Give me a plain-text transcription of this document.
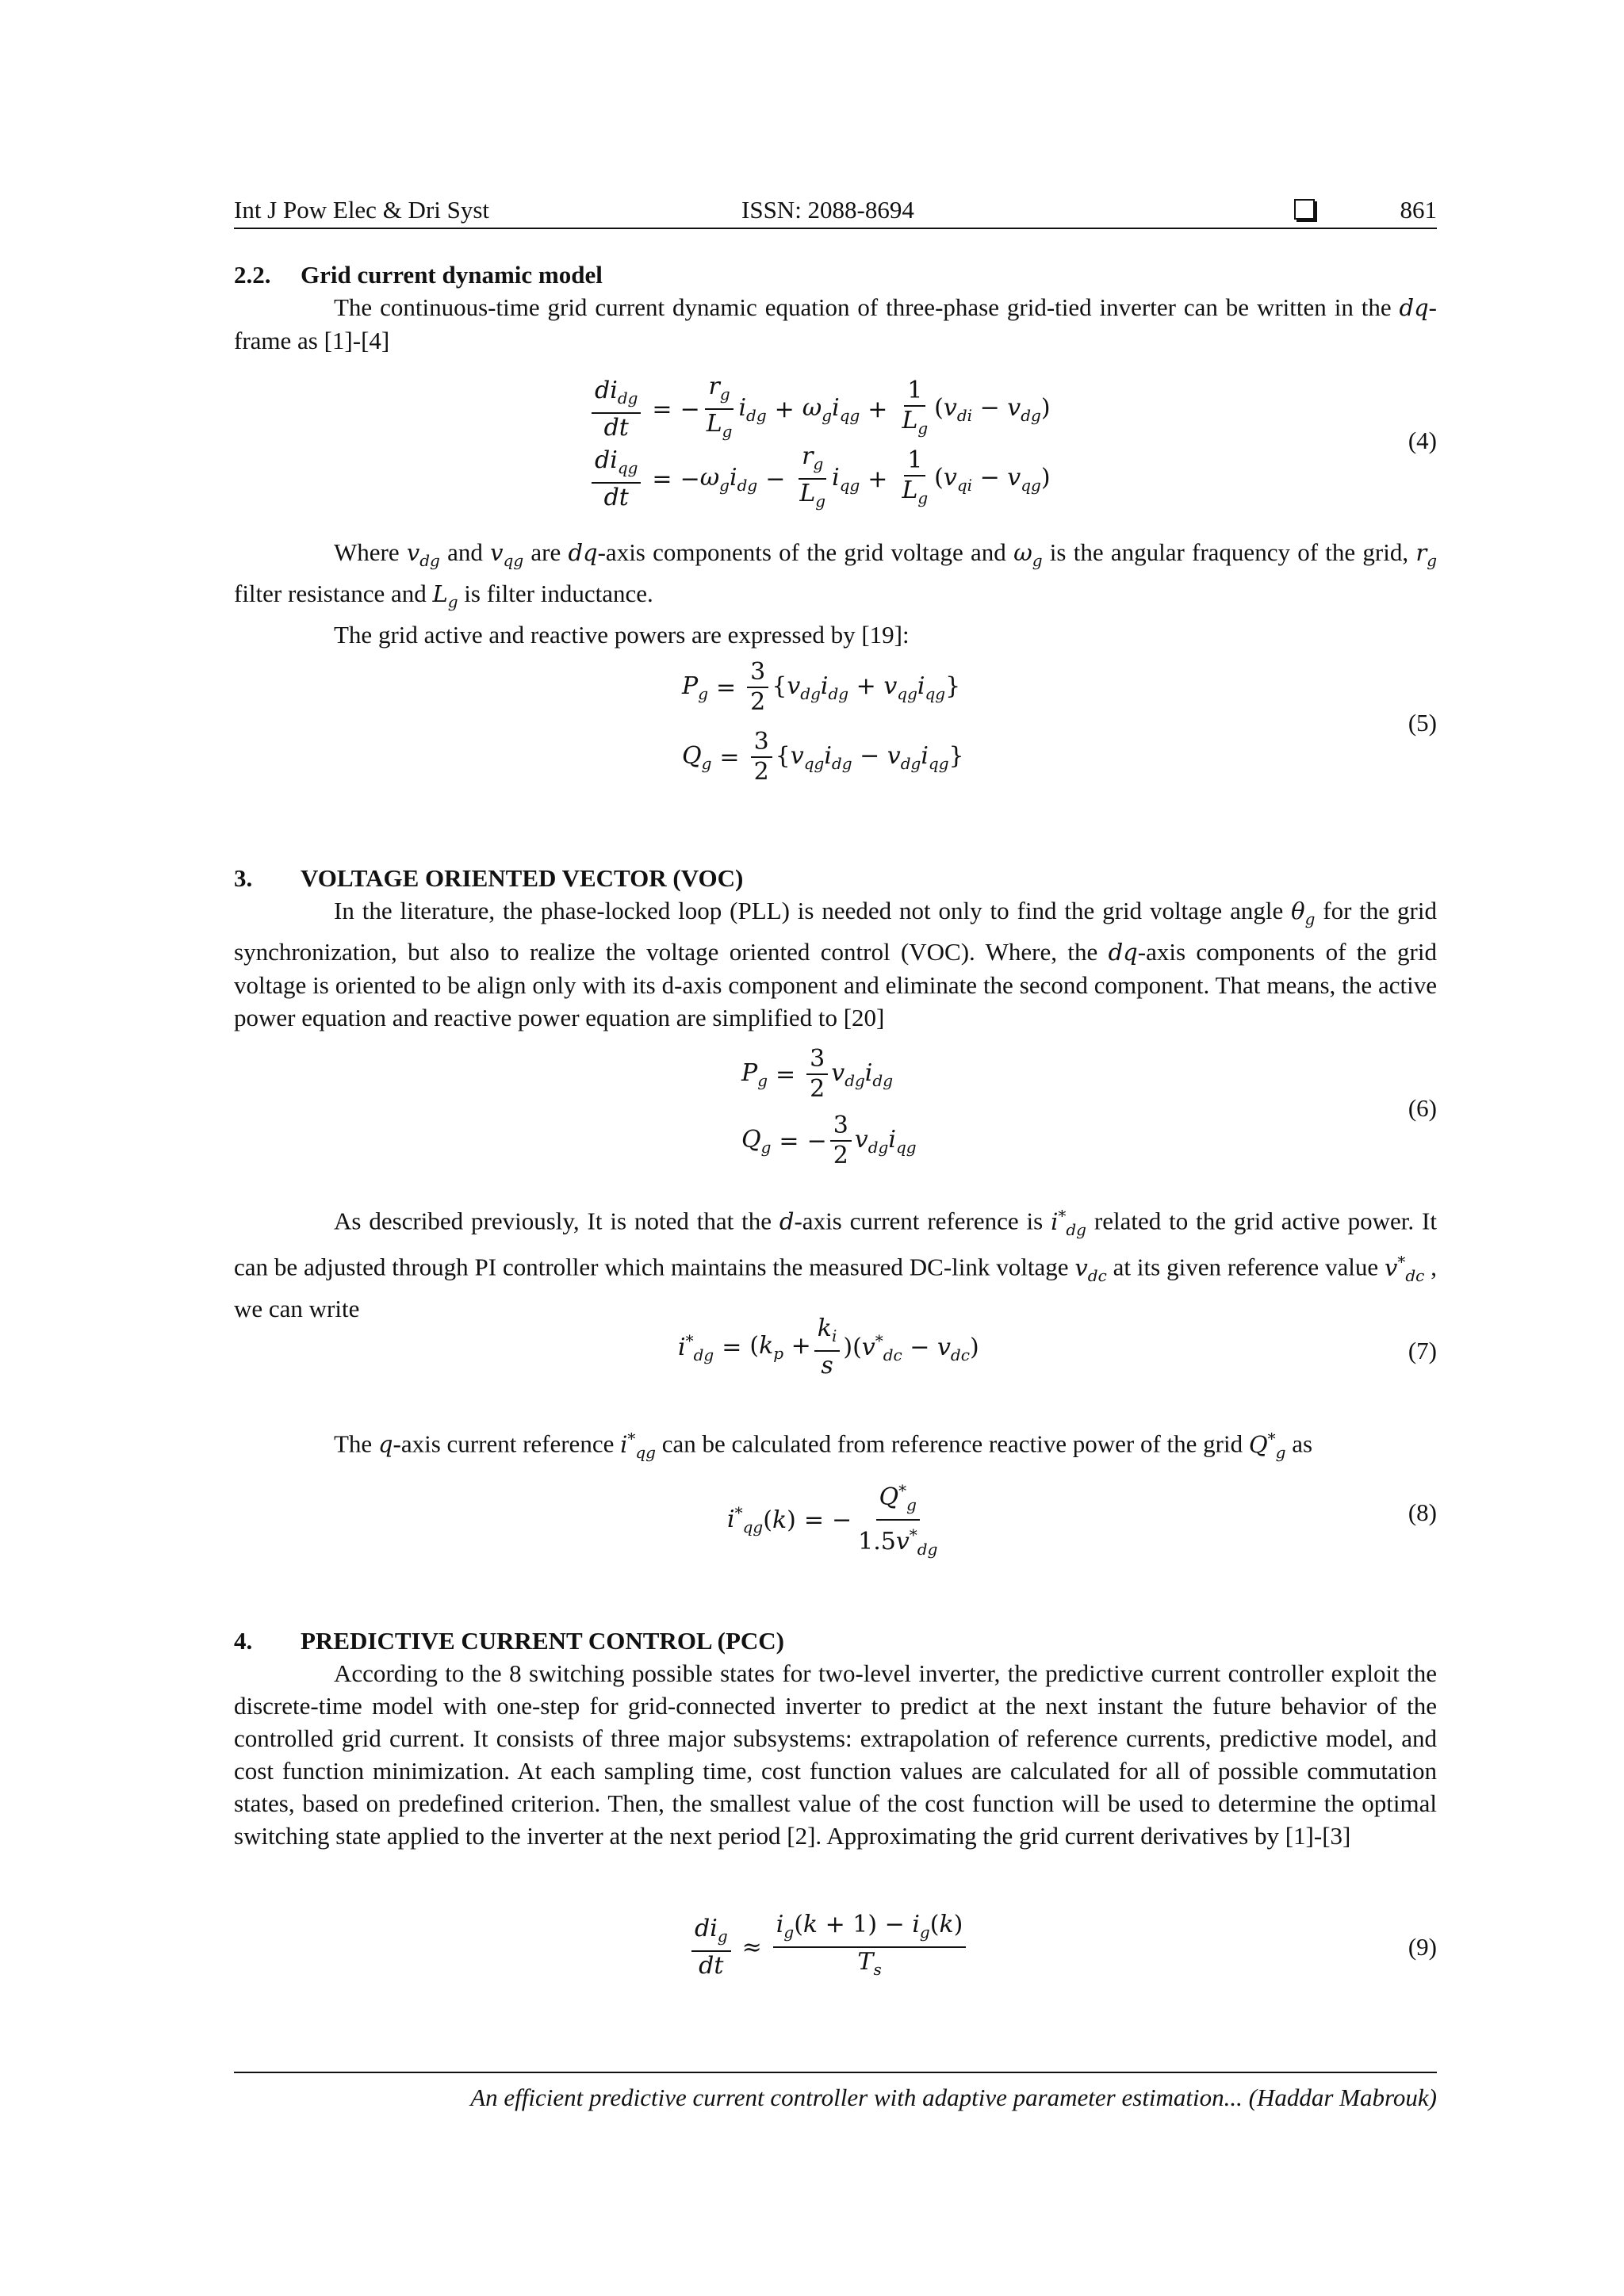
Int J Pow Elec & Dri Syst	ISSN: 2088-8694	861
2.2. Grid current dynamic model

The continuous-time grid current dynamic equation of three-phase grid-tied inverter can be written in the dq-frame as [1]-[4]

$\frac{di_{dg}}{dt}$ = − $\frac{r_g}{L_g} i_{dg} + \omega_gi_{qg} + \frac{1}{L_g} (v_{di} - v_{dg})$
$\frac{di_{qg}}{dt}$ = − $\omega_gi_{dg} - \frac{r_g}{L_g} i_{qg} + \frac{1}{L_g} (v_{qi} - v_{qg})$
(4)

Where $v_{dg}$ and $v_{qg}$ are dq-axis components of the grid voltage and $\omega_g$ is the angular fraquency of the grid, $r_g$ filter resistance and $L_g$ is filter inductance.

The grid active and reactive powers are expressed by [19]:

$P_g = \frac{3}{2} \{v_{dg}i_{dg} + v_{qg}i_{qg}\}$
$Q_g = \frac{3}{2} \{v_{qg}i_{dg} - v_{dg}i_{qg}\}$
(5)
3. VOLTAGE ORIENTED VECTOR (VOC)

In the literature, the phase-locked loop (PLL) is needed not only to find the grid voltage angle $\theta_g$ for the grid synchronization, but also to realize the voltage oriented control (VOC). Where, the dq-axis components of the grid voltage is oriented to be align only with its d-axis component and eliminate the second component. That means, the active power equation and reactive power equation are simplified to [20]

$P_g = \frac{3}{2} v_{dg}i_{dg}$
$Q_g$ = − $\frac{3}{2} v_{dg}i_{qg}$
(6)

As described previously, It is noted that the d-axis current reference is $i^*_{dg}$ related to the grid active power. It can be adjusted through PI controller which maintains the measured DC-link voltage $v_{dc}$ at its given reference value $v^*_{dc}$ , we can write

$i^*_{dg} = (k_p + \frac{k_i}{s} )(v^*_{dc} - v_{dc})$	(7)

The q-axis current reference $i^*_{qg}$ can be calculated from reference reactive power of the grid $Q^*_g$ as

$i^*_{qg}$ (k) = − $\frac{Q^*_g}{1.5v^*_{dg}}$	(8)
4. PREDICTIVE CURRENT CONTROL (PCC)

According to the 8 switching possible states for two-level inverter, the predictive current controller exploit the discrete-time model with one-step for grid-connected inverter to predict at the next instant the future behavior of the controlled grid current. It consists of three major subsystems: extrapolation of reference currents, predictive model, and cost function minimization. At each sampling time, cost function values are calculated for all of possible commutation states, based on predefined criterion. Then, the smallest value of the cost function will be used to determine the optimal switching state applied to the inverter at the next period [2]. Approximating the grid current derivatives by [1]-[3]

$\frac{di_g}{dt} \approx \frac{i_g(k + 1) - i_g(k)}{T_s}$	(9)
An efficient predictive current controller with adaptive parameter estimation... (Haddar Mabrouk)
